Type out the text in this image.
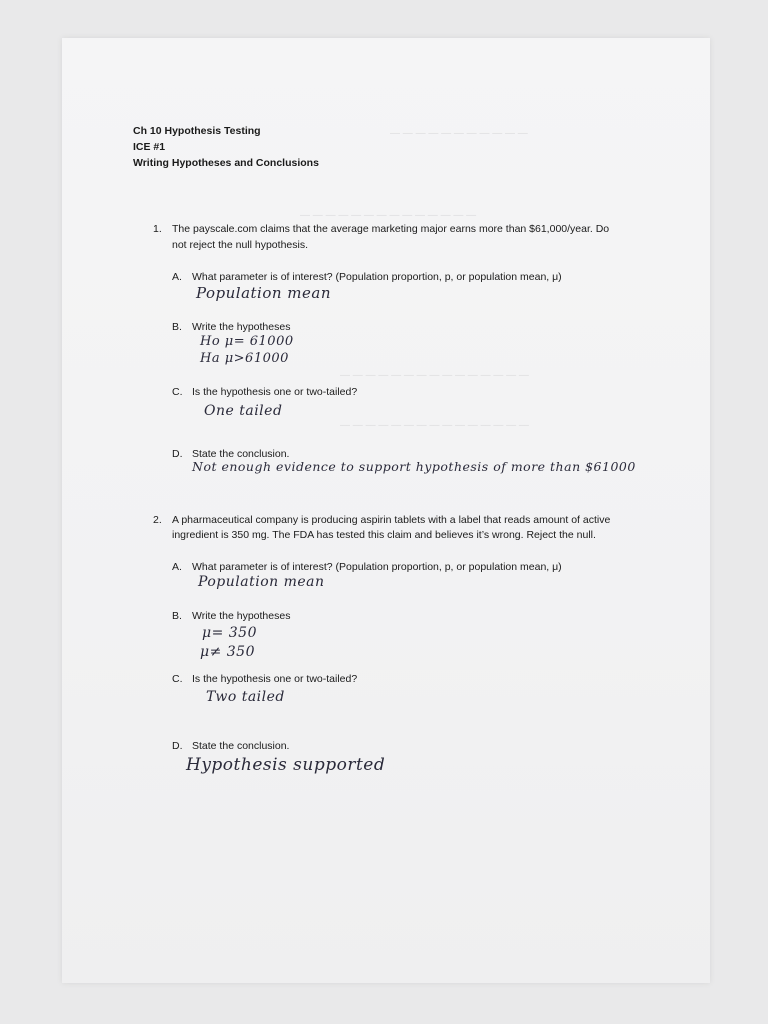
— — — — — — — — — — —
— — — — — — — — — — — — — —
— — — — — — — — — — — — — — —
— — — — — — — — — — — — — — —
Ch 10 Hypothesis Testing
ICE #1
Writing Hypotheses and Conclusions
1. The payscale.com claims that the average marketing major earns more than $61,000/year. Do
not reject the null hypothesis.
A. What parameter is of interest? (Population proportion, p, or population mean, μ)
Population mean
B. Write the hypotheses
Ho μ= 61000
Ha μ>61000
C. Is the hypothesis one or two-tailed?
One tailed
D. State the conclusion.
Not enough evidence to support hypothesis of more than $61000
2. A pharmaceutical company is producing aspirin tablets with a label that reads amount of active
ingredient is 350 mg. The FDA has tested this claim and believes it’s wrong. Reject the null.
A. What parameter is of interest? (Population proportion, p, or population mean, μ)
Population mean
B. Write the hypotheses
μ= 350
μ≠ 350
C. Is the hypothesis one or two-tailed?
Two tailed
D. State the conclusion.
Hypothesis supported
